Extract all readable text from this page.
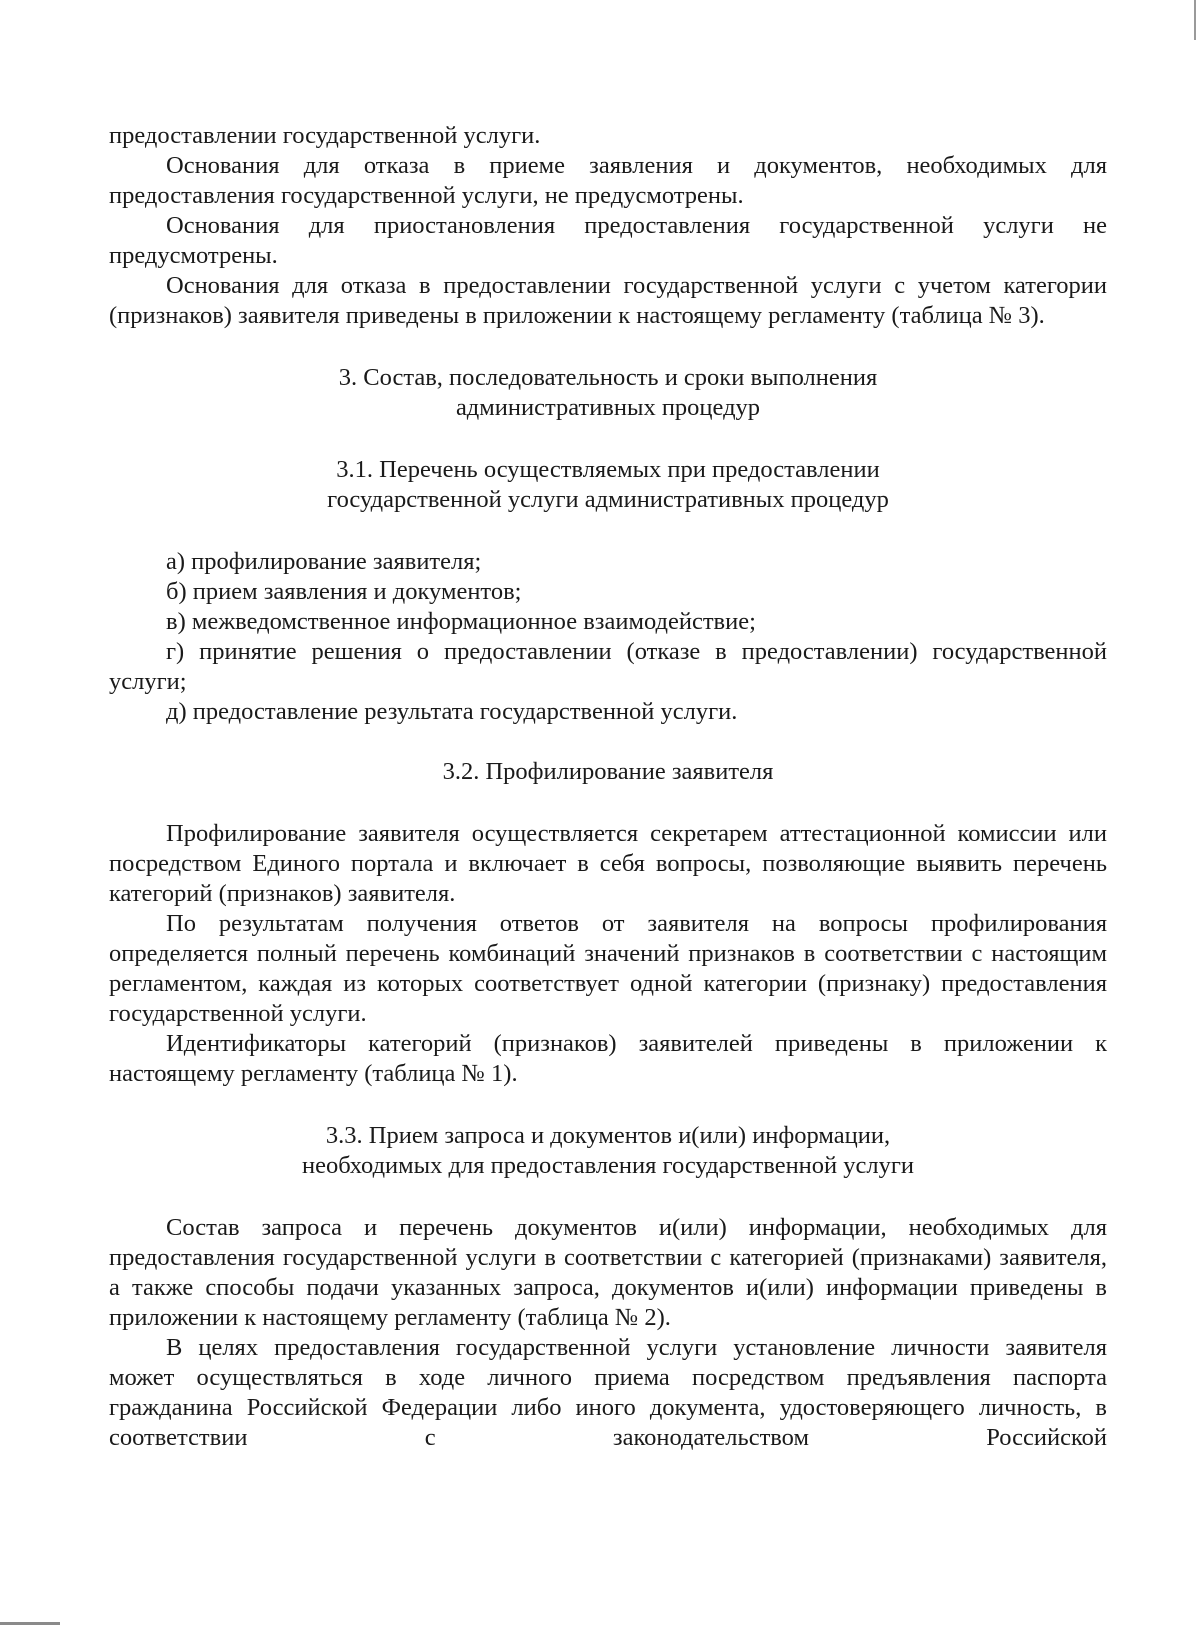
предоставлении государственной услуги.

Основания для отказа в приеме заявления и документов, необходимых для предоставления государственной услуги, не предусмотрены.

Основания для приостановления предоставления государственной услуги не предусмотрены.

Основания для отказа в предоставлении государственной услуги с учетом категории (признаков) заявителя приведены в приложении к настоящему регламенту (таблица № 3).

3. Состав, последовательность и сроки выполнения
административных процедур
3.1. Перечень осуществляемых при предоставлении
государственной услуги административных процедур

а) профилирование заявителя;

б) прием заявления и документов;

в) межведомственное информационное взаимодействие;

г) принятие решения о предоставлении (отказе в предоставлении) государственной услуги;

д) предоставление результата государственной услуги.

3.2. Профилирование заявителя

Профилирование заявителя осуществляется секретарем аттестационной комиссии или посредством Единого портала и включает в себя вопросы, позволяющие выявить перечень категорий (признаков) заявителя.

По результатам получения ответов от заявителя на вопросы профилирования определяется полный перечень комбинаций значений признаков в соответствии с настоящим регламентом, каждая из которых соответствует одной категории (признаку) предоставления государственной услуги.

Идентификаторы категорий (признаков) заявителей приведены в приложении к настоящему регламенту (таблица № 1).

3.3. Прием запроса и документов и(или) информации,
необходимых для предоставления государственной услуги

Состав запроса и перечень документов и(или) информации, необходимых для предоставления государственной услуги в соответствии с категорией (признаками) заявителя, а также способы подачи указанных запроса, документов и(или) информации приведены в приложении к настоящему регламенту (таблица № 2).

В целях предоставления государственной услуги установление личности заявителя может осуществляться в ходе личного приема посредством предъявления паспорта гражданина Российской Федерации либо иного документа, удостоверяющего личность, в соответствии с законодательством Российской
